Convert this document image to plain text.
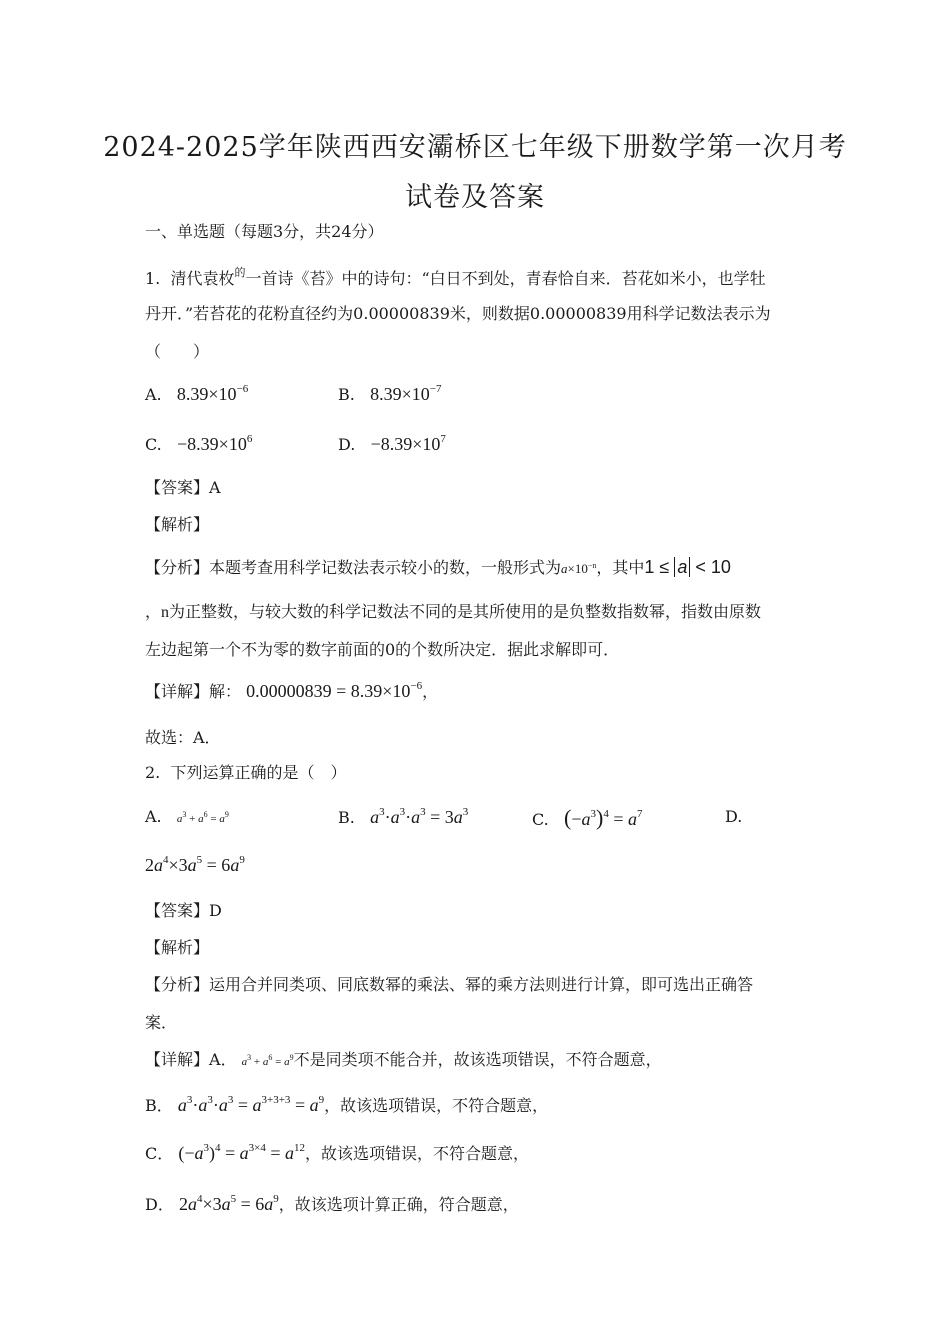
2024-2025学年陕西西安灞桥区七年级下册数学第一次月考
试卷及答案
一、单选题（每题3分，共24分）
1. 清代袁枚$^的$一首诗《苔》中的诗句：“白日不到处，青春恰自来．苔花如米小，也学牡
丹开．”若苔花的花粉直径约为0.00000839米，则数据0.00000839用科学记数法表示为
（　　）
A. $8.39\times 10^{-6}$	B. $8.39\times 10^{-7}$
C. $-8.39\times 10^6$	D. $-8.39\times 10^7$
【答案】A
【解析】
【分析】本题考查用科学记数法表示较小的数，一般形式为$a\times 10^{-n}$，其中1 ≤ a < 10
，n为正整数，与较大数的科学记数法不同的是其所使用的是负整数指数幂，指数由原数
左边起第一个不为零的数字前面的0的个数所决定．据此求解即可．
【详解】解： $0.00000839 = 8.39\times 10^{-6}$，
故选：A．
2. 下列运算正确的是（　）
A. $a^3 + a^6 = a^9$	B. $a^3\cdot a^3\cdot a^3 = 3a^3$	C. $(-a^3)^4 = a^7$	D.
$2a^4\times 3a^5 = 6a^9$
【答案】D
【解析】
【分析】运用合并同类项、同底数幂的乘法、幂的乘方法则进行计算，即可选出正确答
案．
【详解】A． $a^3 + a^6 = a^9$不是同类项不能合并，故该选项错误，不符合题意，
B． $a^3\cdot a^3\cdot a^3 = a^{3+3+3} = a^9$，故该选项错误，不符合题意，
C． $(-a^3)^4 = a^{3\times 4} = a^{12}$，故该选项错误，不符合题意，
D． $2a^4\times 3a^5 = 6a^9$，故该选项计算正确，符合题意，
